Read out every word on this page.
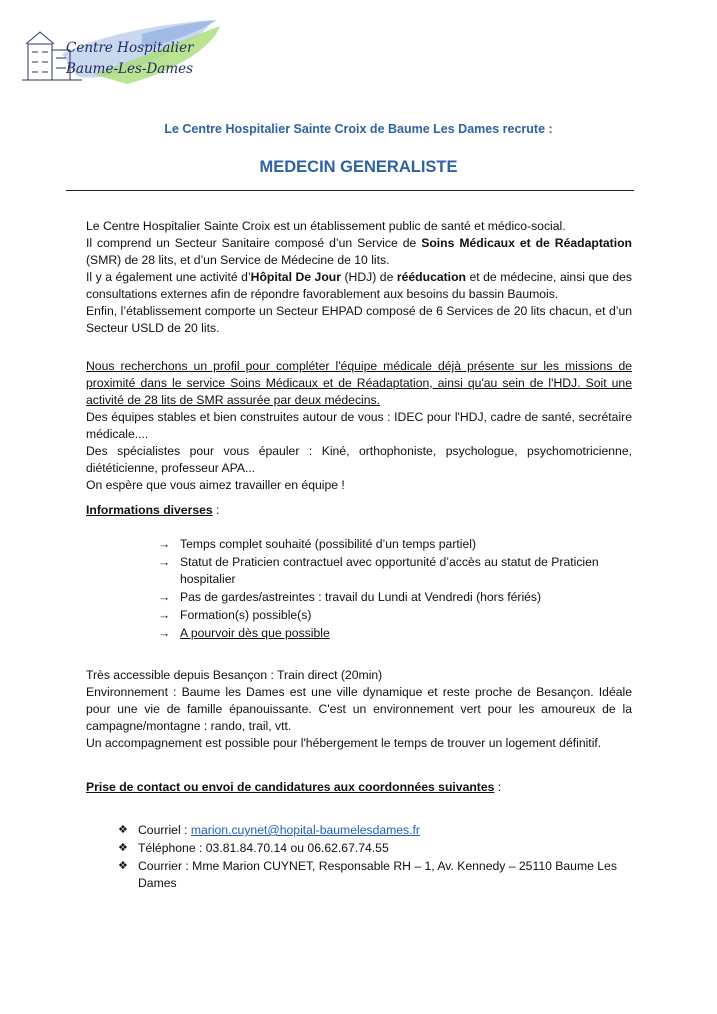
Centre Hospitalier
Baume-Les-Dames
Le Centre Hospitalier Sainte Croix de Baume Les Dames recrute :
MEDECIN GENERALISTE

Le Centre Hospitalier Sainte Croix est un établissement public de santé et médico-social.

Il comprend un Secteur Sanitaire composé d’un Service de Soins Médicaux et de Réadaptation (SMR) de 28 lits, et d’un Service de Médecine de 10 lits.

Il y a également une activité d’Hôpital De Jour (HDJ) de rééducation et de médecine, ainsi que des consultations externes afin de répondre favorablement aux besoins du bassin Baumois.

Enfin, l’établissement comporte un Secteur EHPAD composé de 6 Services de 20 lits chacun, et d’un Secteur USLD de 20 lits.

Nous recherchons un profil pour compléter l'équipe médicale déjà présente sur les missions de proximité dans le service Soins Médicaux et de Réadaptation, ainsi qu'au sein de l'HDJ. Soit une activité de 28 lits de SMR assurée par deux médecins.

Des équipes stables et bien construites autour de vous : IDEC pour l'HDJ, cadre de santé, secrétaire médicale....

Des spécialistes pour vous épauler : Kiné, orthophoniste, psychologue, psychomotricienne, diététicienne, professeur APA...

On espère que vous aimez travailler en équipe !

Informations diverses :
→ Temps complet souhaité (possibilité d’un temps partiel)
→ Statut de Praticien contractuel avec opportunité d’accès au statut de Praticien hospitalier
→ Pas de gardes/astreintes : travail du Lundi at Vendredi (hors fériés)
→ Formation(s) possible(s)
→ A pourvoir dès que possible

Très accessible depuis Besançon : Train direct (20min)

Environnement : Baume les Dames est une ville dynamique et reste proche de Besançon. Idéale pour une vie de famille épanouissante. C'est un environnement vert pour les amoureux de la campagne/montagne : rando, trail, vtt.

Un accompagnement est possible pour l'hébergement le temps de trouver un logement définitif.

Prise de contact ou envoi de candidatures aux coordonnées suivantes :
❖ Courriel : marion.cuynet@hopital-baumelesdames.fr
❖ Téléphone : 03.81.84.70.14 ou 06.62.67.74.55
❖ Courrier : Mme Marion CUYNET, Responsable RH – 1, Av. Kennedy – 25110 Baume Les Dames
